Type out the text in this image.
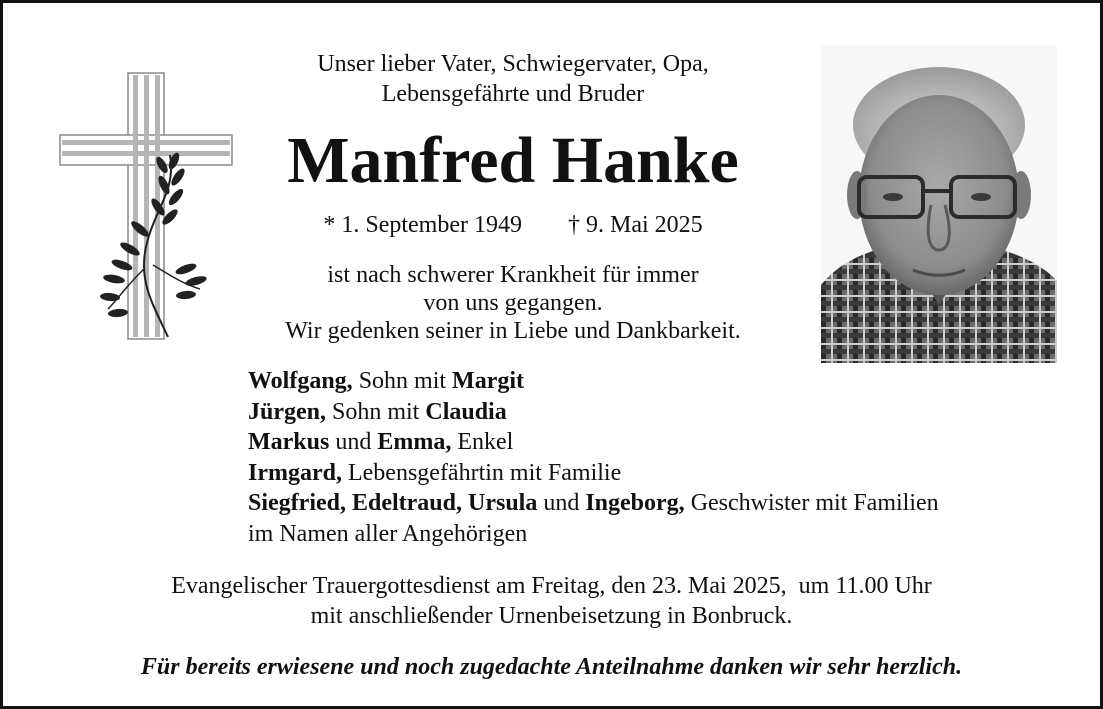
Unser lieber Vater, Schwiegervater, Opa,
Lebensgefährte und Bruder
Manfred Hanke
* 1. September 1949 † 9. Mai 2025
ist nach schwerer Krankheit für immer
von uns gegangen.
Wir gedenken seiner in Liebe und Dankbarkeit.
Wolfgang, Sohn mit Margit
Jürgen, Sohn mit Claudia
Markus und Emma, Enkel
Irmgard, Lebensgefährtin mit Familie
Siegfried, Edeltraud, Ursula und Ingeborg, Geschwister mit Familien
im Namen aller Angehörigen
Evangelischer Trauergottesdienst am Freitag, den 23. Mai 2025,  um 11.00 Uhr
mit anschließender Urnenbeisetzung in Bonbruck.
Für bereits erwiesene und noch zugedachte Anteilnahme danken wir sehr herzlich.
